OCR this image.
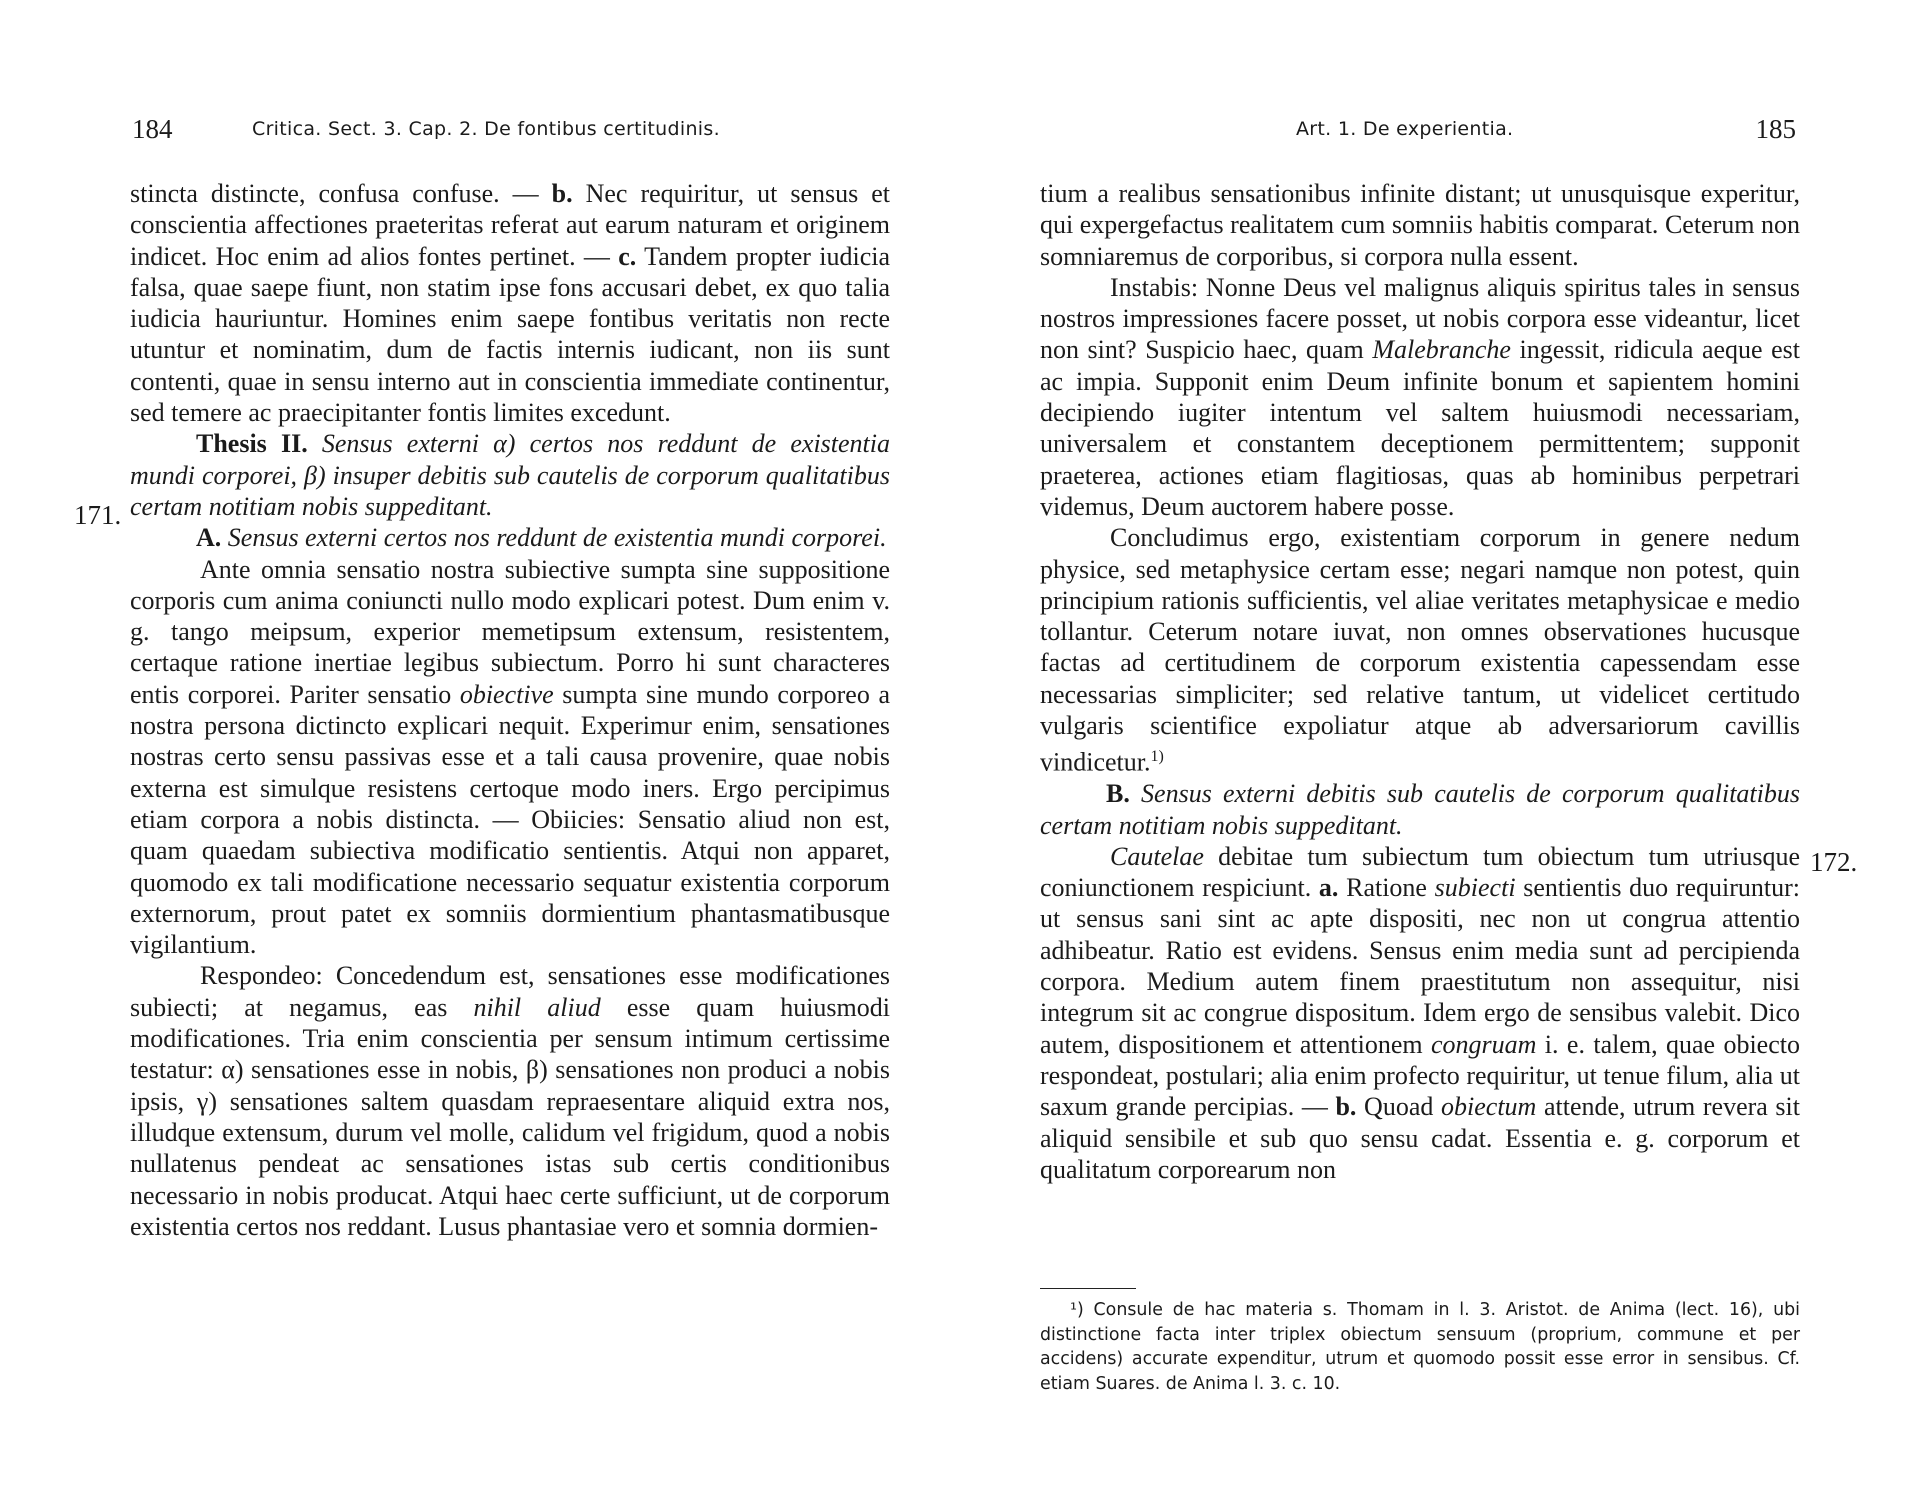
184	Critica. Sect. 3. Cap. 2. De fontibus certitudinis.

stincta distincte, confusa confuse. — b. Nec requiritur, ut sensus et conscientia affectiones praeteritas referat aut earum naturam et originem indicet. Hoc enim ad alios fontes pertinet. — c. Tandem propter iudicia falsa, quae saepe fiunt, non statim ipse fons accusari debet, ex quo talia iudicia hauriuntur. Homines enim saepe fontibus veritatis non recte utuntur et nominatim, dum de factis internis iudicant, non iis sunt contenti, quae in sensu interno aut in conscientia immediate continentur, sed temere ac praecipitanter fontis limites excedunt.

Thesis II. Sensus externi α) certos nos reddunt de existentia mundi corporei, β) insuper debitis sub cautelis de corporum qualitatibus certam notitiam nobis suppeditant.

A. Sensus externi certos nos reddunt de existentia mundi corporei.

Ante omnia sensatio nostra subiective sumpta sine suppositione corporis cum anima coniuncti nullo modo explicari potest. Dum enim v. g. tango meipsum, experior memetipsum extensum, resistentem, certaque ratione inertiae legibus subiectum. Porro hi sunt characteres entis corporei. Pariter sensatio obiective sumpta sine mundo corporeo a nostra persona dictincto explicari nequit. Experimur enim, sensationes nostras certo sensu passivas esse et a tali causa provenire, quae nobis externa est simulque resistens certoque modo iners. Ergo percipimus etiam corpora a nobis distincta. — Obiicies: Sensatio aliud non est, quam quaedam subiectiva modificatio sentientis. Atqui non apparet, quomodo ex tali modificatione necessario sequatur existentia corporum externorum, prout patet ex somniis dormientium phantasmatibusque vigilantium.

Respondeo: Concedendum est, sensationes esse modificationes subiecti; at negamus, eas nihil aliud esse quam huiusmodi modificationes. Tria enim conscientia per sensum intimum certissime testatur: α) sensationes esse in nobis, β) sensationes non produci a nobis ipsis, γ) sensationes saltem quasdam repraesentare aliquid extra nos, illudque extensum, durum vel molle, calidum vel frigidum, quod a nobis nullatenus pendeat ac sensationes istas sub certis conditionibus necessario in nobis producat. Atqui haec certe sufficiunt, ut de corporum existentia certos nos reddant. Lusus phantasiae vero et somnia dormien-

171.
Art. 1. De experientia.	185

tium a realibus sensationibus infinite distant; ut unusquisque experitur, qui expergefactus realitatem cum somniis habitis comparat. Ceterum non somniaremus de corporibus, si corpora nulla essent.

Instabis: Nonne Deus vel malignus aliquis spiritus tales in sensus nostros impressiones facere posset, ut nobis corpora esse videantur, licet non sint? Suspicio haec, quam Malebranche ingessit, ridicula aeque est ac impia. Supponit enim Deum infinite bonum et sapientem homini decipiendo iugiter intentum vel saltem huiusmodi necessariam, universalem et constantem deceptionem permittentem; supponit praeterea, actiones etiam flagitiosas, quas ab hominibus perpetrari videmus, Deum auctorem habere posse.

Concludimus ergo, existentiam corporum in genere nedum physice, sed metaphysice certam esse; negari namque non potest, quin principium rationis sufficientis, vel aliae veritates metaphysicae e medio tollantur. Ceterum notare iuvat, non omnes observationes hucusque factas ad certitudinem de corporum existentia capessendam esse necessarias simpliciter; sed relative tantum, ut videlicet certitudo vulgaris scientifice expoliatur atque ab adversariorum cavillis vindicetur.$^{1)}$

B. Sensus externi debitis sub cautelis de corporum qualitatibus certam notitiam nobis suppeditant.

Cautelae debitae tum subiectum tum obiectum tum utriusque coniunctionem respiciunt. a. Ratione subiecti sentientis duo requiruntur: ut sensus sani sint ac apte dispositi, nec non ut congrua attentio adhibeatur. Ratio est evidens. Sensus enim media sunt ad percipienda corpora. Medium autem finem praestitutum non assequitur, nisi integrum sit ac congrue dispositum. Idem ergo de sensibus valebit. Dico autem, dispositionem et attentionem congruam i. e. talem, quae obiecto respondeat, postulari; alia enim profecto requiritur, ut tenue filum, alia ut saxum grande percipias. — b. Quoad obiectum attende, utrum revera sit aliquid sensibile et sub quo sensu cadat. Essentia e. g. corporum et qualitatum corporearum non

¹) Consule de hac materia s. Thomam in l. 3. Aristot. de Anima (lect. 16), ubi distinctione facta inter triplex obiectum sensuum (proprium, commune et per accidens) accurate expenditur, utrum et quomodo possit esse error in sensibus. Cf. etiam Suares. de Anima l. 3. c. 10.
172.
